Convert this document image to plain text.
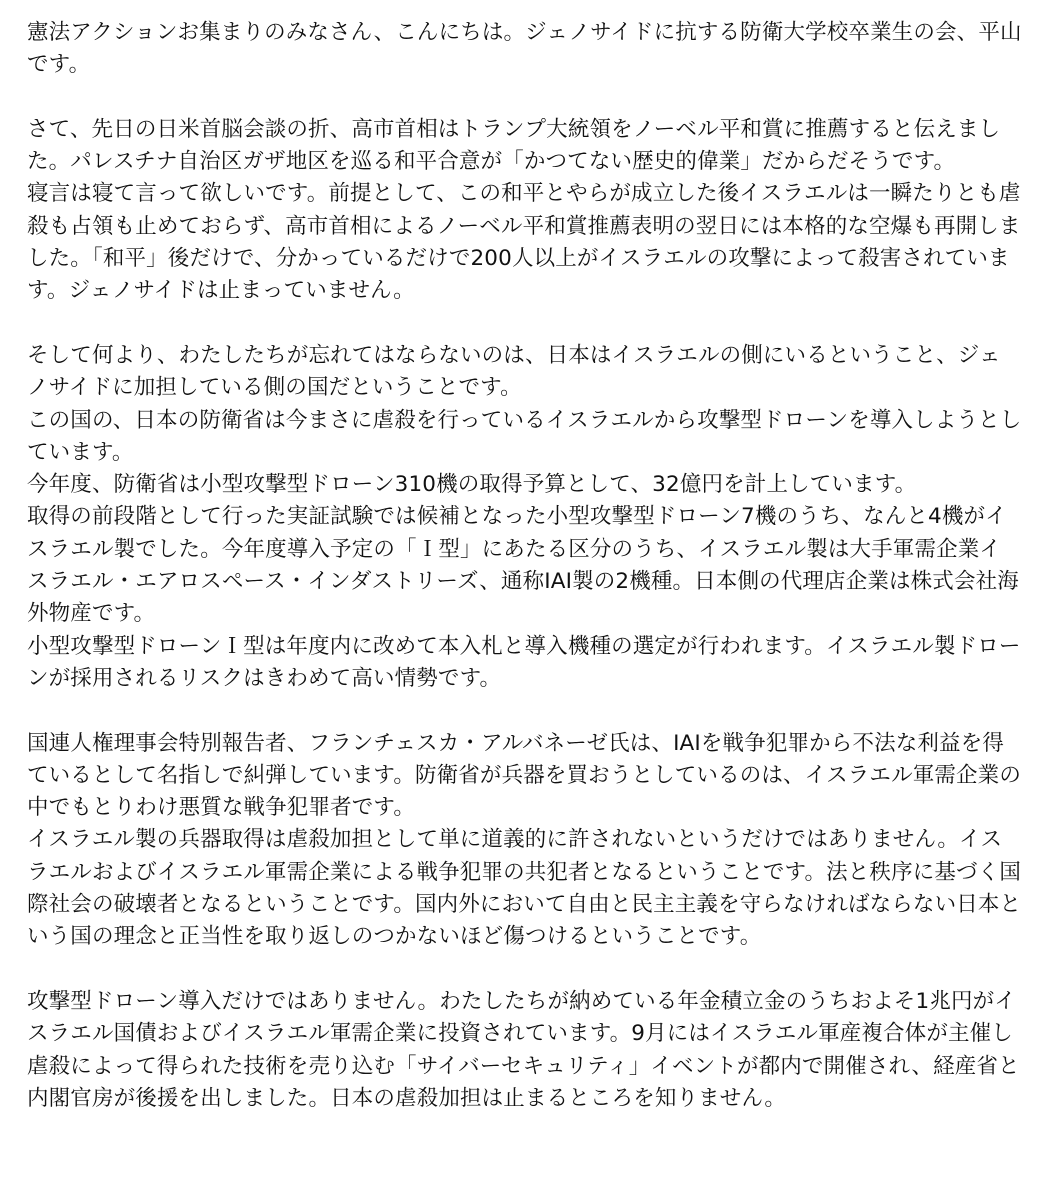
憲法アクションお集まりのみなさん、こんにちは。ジェノサイドに抗する防衛大学校卒業生の会、平山です。
さて、先日の日米首脳会談の折、高市首相はトランプ大統領をノーベル平和賞に推薦すると伝えました。パレスチナ自治区ガザ地区を巡る和平合意が「かつてない歴史的偉業」だからだそうです。
寝言は寝て言って欲しいです。前提として、この和平とやらが成立した後イスラエルは一瞬たりとも虐殺も占領も止めておらず、高市首相によるノーベル平和賞推薦表明の翌日には本格的な空爆も再開しました。「和平」後だけで、分かっているだけで200人以上がイスラエルの攻撃によって殺害されています。ジェノサイドは止まっていません。
そして何より、わたしたちが忘れてはならないのは、日本はイスラエルの側にいるということ、ジェノサイドに加担している側の国だということです。
この国の、日本の防衛省は今まさに虐殺を行っているイスラエルから攻撃型ドローンを導入しようとしています。
今年度、防衛省は小型攻撃型ドローン310機の取得予算として、32億円を計上しています。
取得の前段階として行った実証試験では候補となった小型攻撃型ドローン7機のうち、なんと4機がイスラエル製でした。今年度導入予定の「Ｉ型」にあたる区分のうち、イスラエル製は大手軍需企業イスラエル・エアロスペース・インダストリーズ、通称IAI製の2機種。日本側の代理店企業は株式会社海外物産です。
小型攻撃型ドローンＩ型は年度内に改めて本入札と導入機種の選定が行われます。イスラエル製ドローンが採用されるリスクはきわめて高い情勢です。
国連人権理事会特別報告者、フランチェスカ・アルバネーゼ氏は、IAIを戦争犯罪から不法な利益を得ているとして名指しで糾弾しています。防衛省が兵器を買おうとしているのは、イスラエル軍需企業の中でもとりわけ悪質な戦争犯罪者です。
イスラエル製の兵器取得は虐殺加担として単に道義的に許されないというだけではありません。イスラエルおよびイスラエル軍需企業による戦争犯罪の共犯者となるということです。法と秩序に基づく国際社会の破壊者となるということです。国内外において自由と民主主義を守らなければならない日本という国の理念と正当性を取り返しのつかないほど傷つけるということです。
攻撃型ドローン導入だけではありません。わたしたちが納めている年金積立金のうちおよそ1兆円がイスラエル国債およびイスラエル軍需企業に投資されています。9月にはイスラエル軍産複合体が主催し虐殺によって得られた技術を売り込む「サイバーセキュリティ」イベントが都内で開催され、経産省と内閣官房が後援を出しました。日本の虐殺加担は止まるところを知りません。
